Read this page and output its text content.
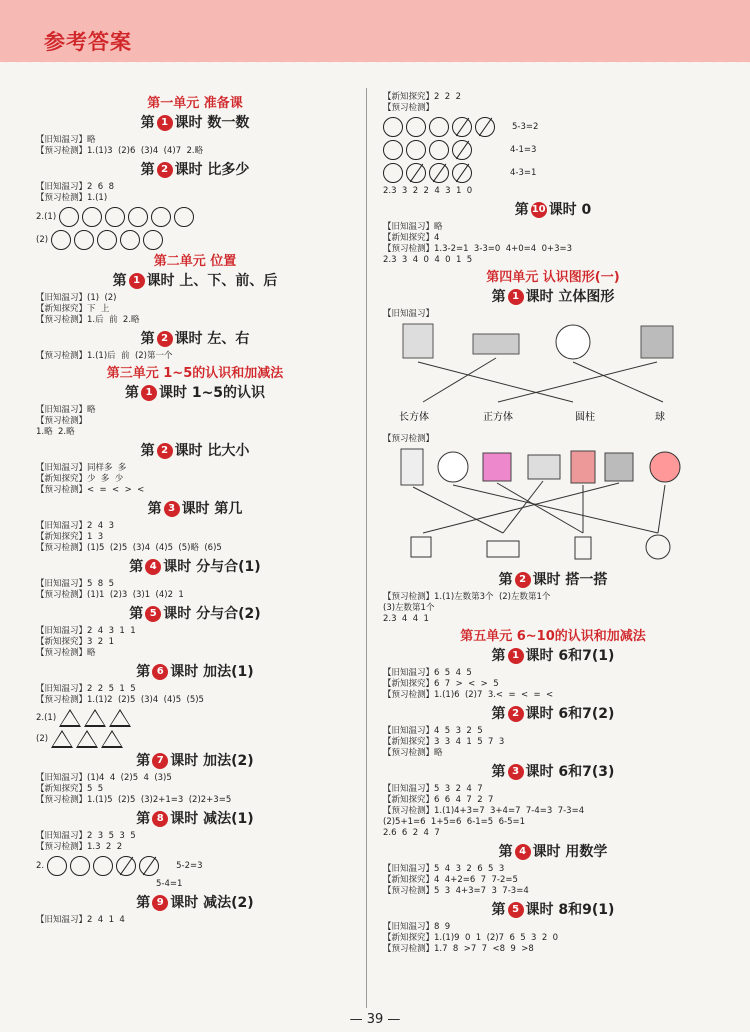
参考答案
第一单元 准备课
第 1 课时 数一数
【旧知温习】略
【预习检测】1.(1)3  (2)6  (3)4  (4)7  2.略
第 2 课时 比多少
【旧知温习】2  6  8
【预习检测】1.(1)
2.(1)
(2)
第二单元 位置
第 1 课时 上、下、前、后
【旧知温习】(1)  (2)
【新知探究】下  上
【预习检测】1.后  前  2.略
第 2 课时 左、右
【预习检测】1.(1)后  前  (2)第一个
第三单元 1~5的认识和加减法
第 1 课时 1~5的认识
【旧知温习】略
【预习检测】
1.略  2.略
第 2 课时 比大小
【旧知温习】同样多  多
【新知探究】少  多  少
【预习检测】<  =  <  >  <
第 3 课时 第几
【旧知温习】2  4  3
【新知探究】1  3
【预习检测】(1)5  (2)5  (3)4  (4)5  (5)略  (6)5
第 4 课时 分与合(1)
【旧知温习】5  8  5
【预习检测】(1)1  (2)3  (3)1  (4)2  1
第 5 课时 分与合(2)
【旧知温习】2  4  3  1  1
【新知探究】3  2  1
【预习检测】略
第 6 课时 加法(1)
【旧知温习】2  2  5  1  5
【预习检测】1.(1)2  (2)5  (3)4  (4)5  (5)5
2.(1)
(2)
第 7 课时 加法(2)
【旧知温习】(1)4  4  (2)5  4  (3)5
【新知探究】5  5
【预习检测】1.(1)5  (2)5  (3)2+1=3  (2)2+3=5
第 8 课时 减法(1)
【旧知温习】2  3  5  3  5
【预习检测】1.3  2  2
2.	5-2=3
5-4=1
第 9 课时 减法(2)
【旧知温习】2  4  1  4
【新知探究】2  2  2
【预习检测】
5-3=2
4-1=3
4-3=1
2.3  3  2  2  4  3  1  0
第 10 课时 0
【旧知温习】略
【新知探究】4
【预习检测】1.3-2=1  3-3=0  4+0=4  0+3=3
2.3  3  4  0  4  0  1  5
第四单元 认识图形(一)
第 1 课时 立体图形
【旧知温习】
长方体	正方体	圆柱	球
【预习检测】
第 2 课时 搭一搭
【预习检测】1.(1)左数第3个  (2)左数第1个
(3)左数第1个
2.3  4  4  1
第五单元 6~10的认识和加减法
第 1 课时 6和7(1)
【旧知温习】6  5  4  5
【新知探究】6  7  >  <  >  5
【预习检测】1.(1)6  (2)7  3.<  =  <  =  <
第 2 课时 6和7(2)
【旧知温习】4  5  3  2  5
【新知探究】3  3  4  1  5  7  3
【预习检测】略
第 3 课时 6和7(3)
【旧知温习】5  3  2  4  7
【新知探究】6  6  4  7  2  7
【预习检测】1.(1)4+3=7  3+4=7  7-4=3  7-3=4
(2)5+1=6  1+5=6  6-1=5  6-5=1
2.6  6  2  4  7
第 4 课时 用数学
【旧知温习】5  4  3  2  6  5  3
【新知探究】4  4+2=6  7  7-2=5
【预习检测】5  3  4+3=7  3  7-3=4
第 5 课时 8和9(1)
【旧知温习】8  9
【新知探究】1.(1)9  0  1  (2)7  6  5  3  2  0
【预习检测】1.7  8  >7  7  <8  9  >8
— 39 —
